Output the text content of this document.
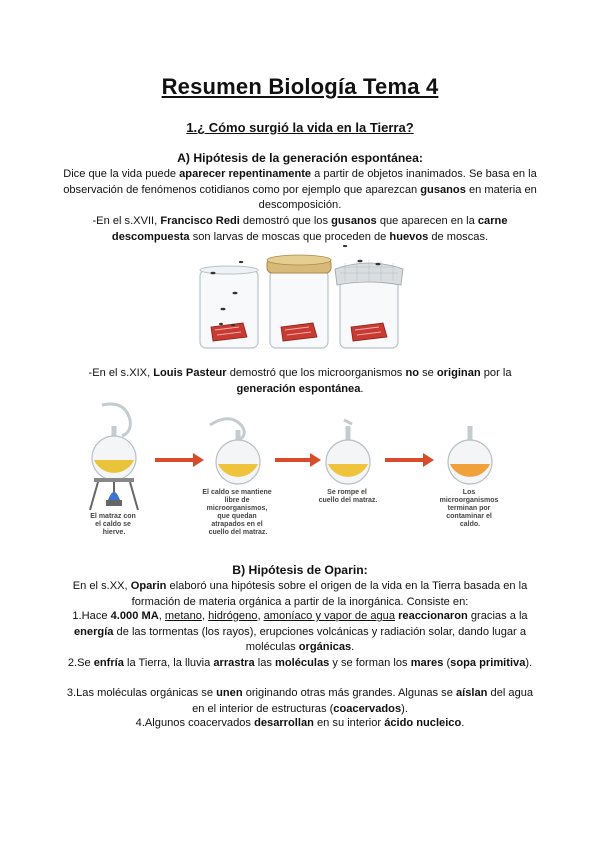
Resumen Biología Tema 4
1.¿ Cómo surgió la vida en la Tierra?
A) Hipótesis de la generación espontánea:
Dice que la vida puede aparecer repentinamente a partir de objetos inanimados. Se basa en la observación de fenómenos cotidianos como por ejemplo que aparezcan gusanos en materia en descomposición.
-En el s.XVII, Francisco Redi demostró que los gusanos que aparecen en la carne descompuesta son larvas de moscas que proceden de huevos de moscas.
-En el s.XIX, Louis Pasteur demostró que los microorganismos no se originan por la generación espontánea.
El matraz con el caldo se hierve.
El caldo se mantiene libre de microorganismos, que quedan atrapados en el cuello del matraz.
Se rompe el cuello del matraz.
Los microorganismos terminan por contaminar el caldo.
B) Hipótesis de Oparin:
En el s.XX, Oparin elaboró una hipótesis sobre el origen de la vida en la Tierra basada en la formación de materia orgánica a partir de la inorgánica. Consiste en:
1.Hace 4.000 MA, metano, hidrógeno, amoníaco y vapor de agua reaccionaron gracias a la energía de las tormentas (los rayos), erupciones volcánicas y radiación solar, dando lugar a moléculas orgánicas.
2.Se enfría la Tierra, la lluvia arrastra las moléculas y se forman los mares (sopa primitiva).
3.Las moléculas orgánicas se unen originando otras más grandes. Algunas se aíslan del agua en el interior de estructuras (coacervados).
4.Algunos coacervados desarrollan en su interior ácido nucleico.
